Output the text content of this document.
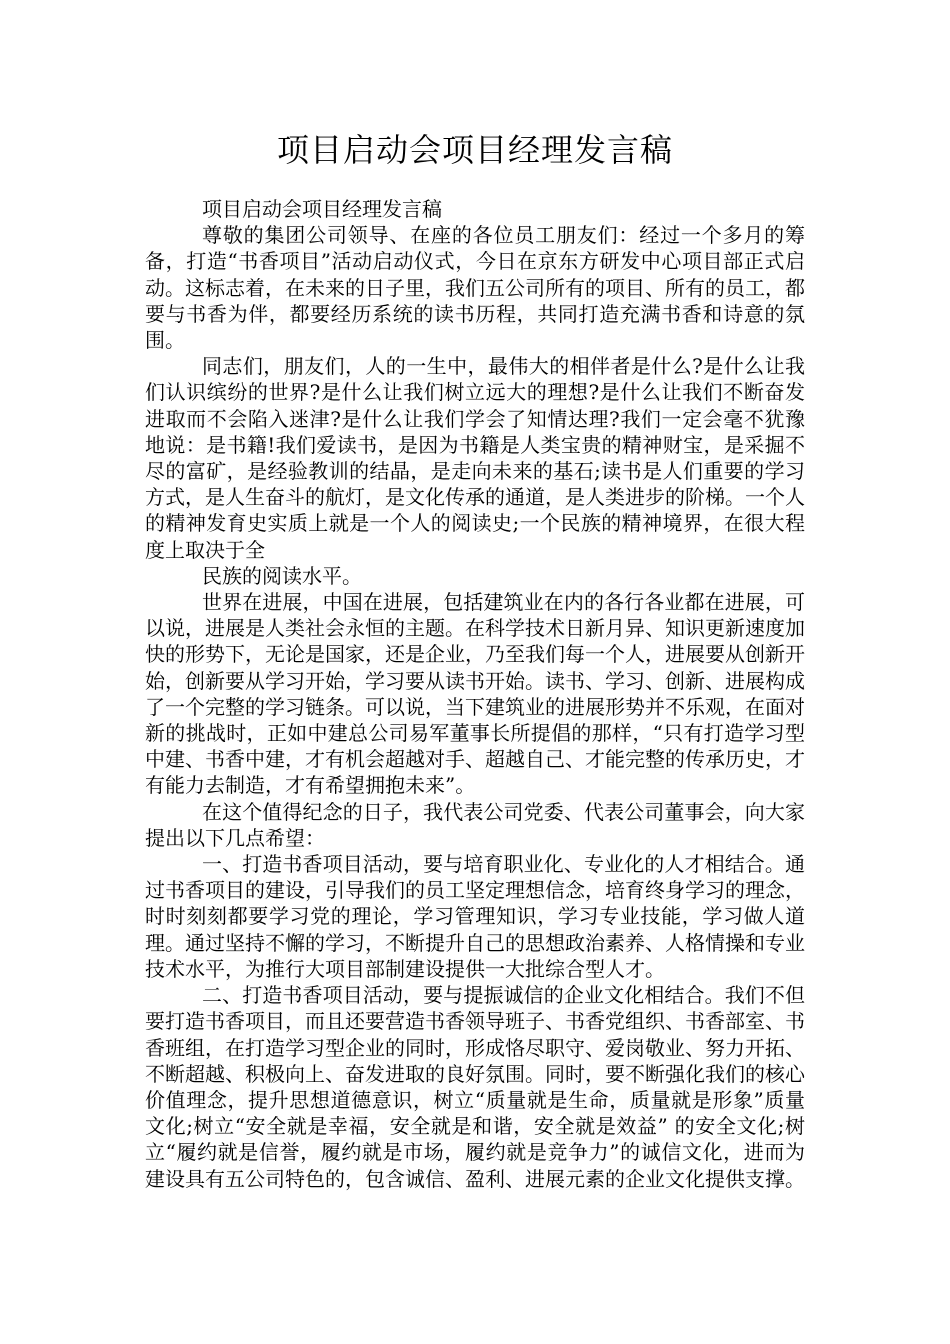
项目启动会项目经理发言稿

项目启动会项目经理发言稿

尊敬的集团公司领导、在座的各位员工朋友们：经过一个多月的筹备，打造“书香项目”活动启动仪式，今日在京东方研发中心项目部正式启动。这标志着，在未来的日子里，我们五公司所有的项目、所有的员工，都要与书香为伴，都要经历系统的读书历程，共同打造充满书香和诗意的氛围。

同志们，朋友们，人的一生中，最伟大的相伴者是什么?是什么让我们认识缤纷的世界?是什么让我们树立远大的理想?是什么让我们不断奋发进取而不会陷入迷津?是什么让我们学会了知情达理?我们一定会毫不犹豫地说：是书籍!我们爱读书，是因为书籍是人类宝贵的精神财宝，是采掘不尽的富矿，是经验教训的结晶，是走向未来的基石;读书是人们重要的学习方式，是人生奋斗的航灯，是文化传承的通道，是人类进步的阶梯。一个人的精神发育史实质上就是一个人的阅读史;一个民族的精神境界，在很大程度上取决于全

民族的阅读水平。

世界在进展，中国在进展，包括建筑业在内的各行各业都在进展，可以说，进展是人类社会永恒的主题。在科学技术日新月异、知识更新速度加快的形势下，无论是国家，还是企业，乃至我们每一个人，进展要从创新开始，创新要从学习开始，学习要从读书开始。读书、学习、创新、进展构成了一个完整的学习链条。可以说，当下建筑业的进展形势并不乐观，在面对新的挑战时，正如中建总公司易军董事长所提倡的那样，“只有打造学习型中建、书香中建，才有机会超越对手、超越自己、才能完整的传承历史，才有能力去制造，才有希望拥抱未来”。

在这个值得纪念的日子，我代表公司党委、代表公司董事会，向大家提出以下几点希望：

一、打造书香项目活动，要与培育职业化、专业化的人才相结合。通过书香项目的建设，引导我们的员工坚定理想信念，培育终身学习的理念，时时刻刻都要学习党的理论，学习管理知识，学习专业技能，学习做人道理。通过坚持不懈的学习，不断提升自己的思想政治素养、人格情操和专业技术水平，为推行大项目部制建设提供一大批综合型人才。

二、打造书香项目活动，要与提振诚信的企业文化相结合。我们不但要打造书香项目，而且还要营造书香领导班子、书香党组织、书香部室、书香班组，在打造学习型企业的同时，形成恪尽职守、爱岗敬业、努力开拓、不断超越、积极向上、奋发进取的良好氛围。同时，要不断强化我们的核心价值理念，提升思想道德意识，树立“质量就是生命，质量就是形象”质量文化;树立“安全就是幸福，安全就是和谐，安全就是效益” 的安全文化;树立“履约就是信誉，履约就是市场，履约就是竞争力”的诚信文化，进而为建设具有五公司特色的，包含诚信、盈利、进展元素的企业文化提供支撑。
